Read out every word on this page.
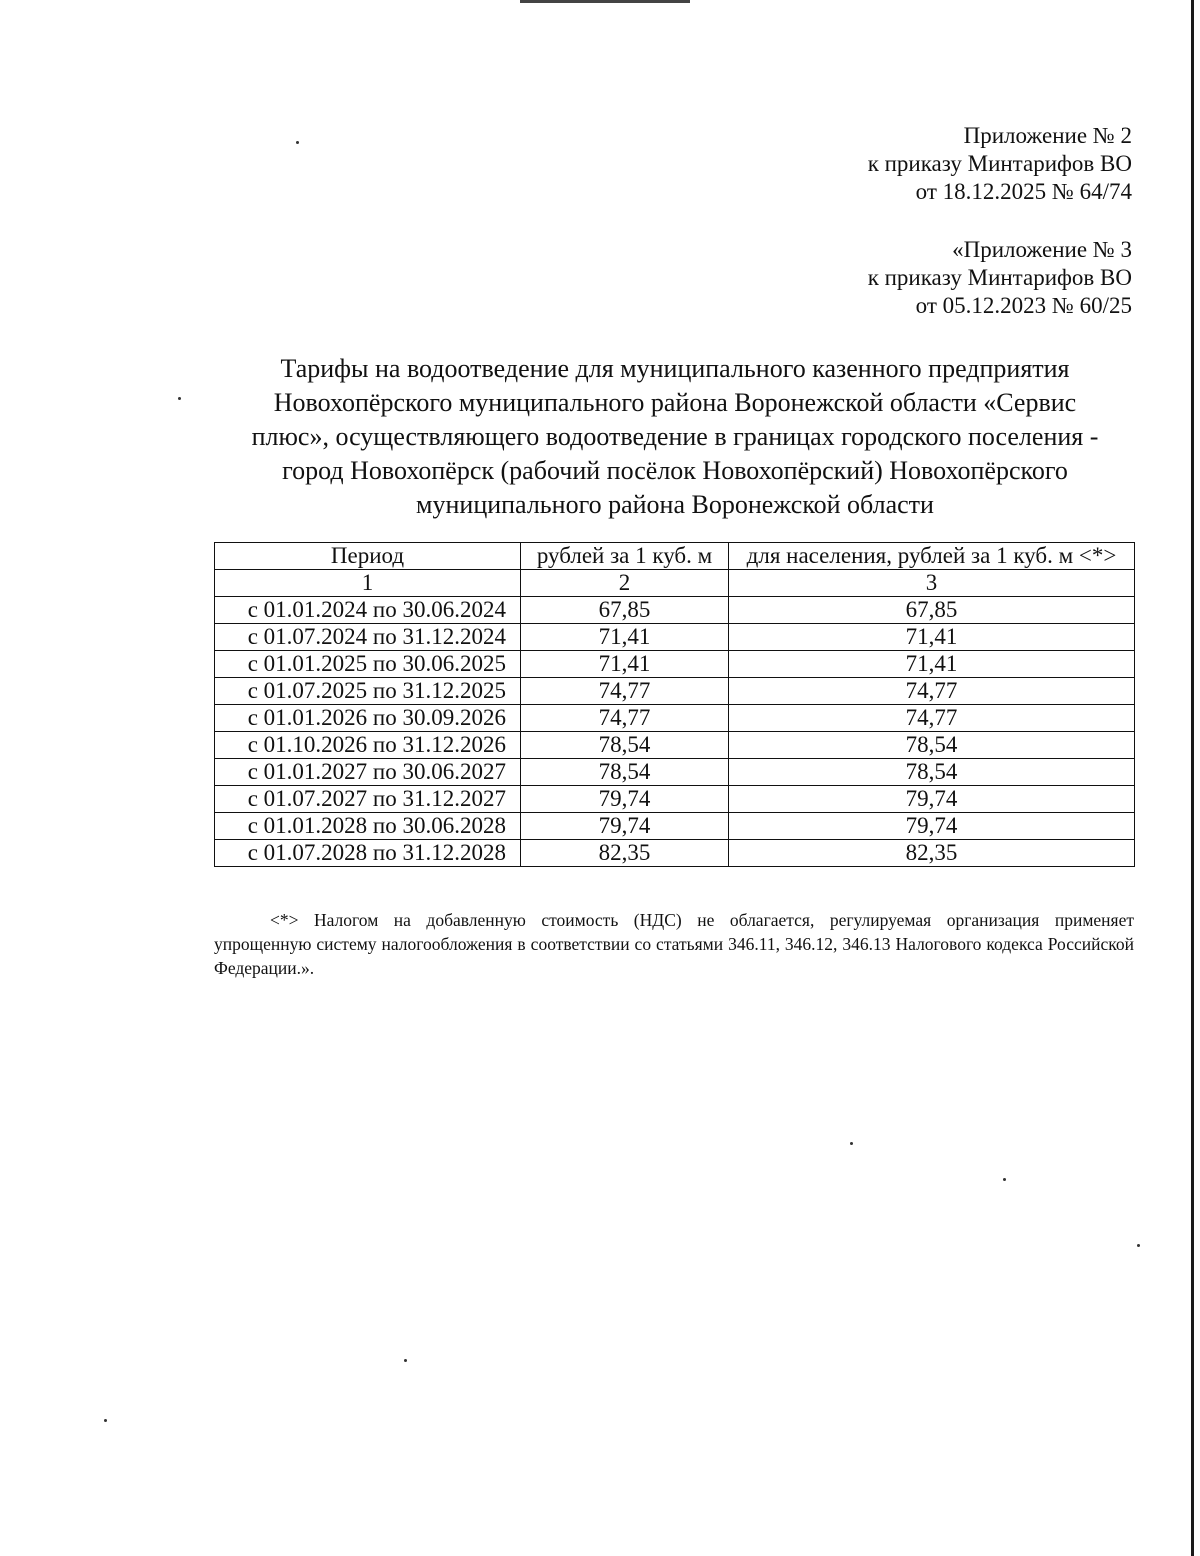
Приложение № 2
к приказу Минтарифов ВО
от 18.12.2025 № 64/74
«Приложение № 3
к приказу Минтарифов ВО
от 05.12.2023 № 60/25
Тарифы на водоотведение для муниципального казенного предприятия
Новохопёрского муниципального района Воронежской области «Сервис
плюс», осуществляющего водоотведение в границах городского поселения -
город Новохопёрск (рабочий посёлок Новохопёрский) Новохопёрского
муниципального района Воронежской области
Период	рублей за 1 куб. м	для населения, рублей за 1 куб. м <*>
1	2	3
с 01.01.2024 по 30.06.2024	67,85	67,85
с 01.07.2024 по 31.12.2024	71,41	71,41
с 01.01.2025 по 30.06.2025	71,41	71,41
с 01.07.2025 по 31.12.2025	74,77	74,77
с 01.01.2026 по 30.09.2026	74,77	74,77
с 01.10.2026 по 31.12.2026	78,54	78,54
с 01.01.2027 по 30.06.2027	78,54	78,54
с 01.07.2027 по 31.12.2027	79,74	79,74
с 01.01.2028 по 30.06.2028	79,74	79,74
с 01.07.2028 по 31.12.2028	82,35	82,35
<*> Налогом на добавленную стоимость (НДС) не облагается, регулируемая организация применяет
упрощенную систему налогообложения в соответствии со статьями 346.11, 346.12, 346.13 Налогового кодекса Российской Федерации.».
